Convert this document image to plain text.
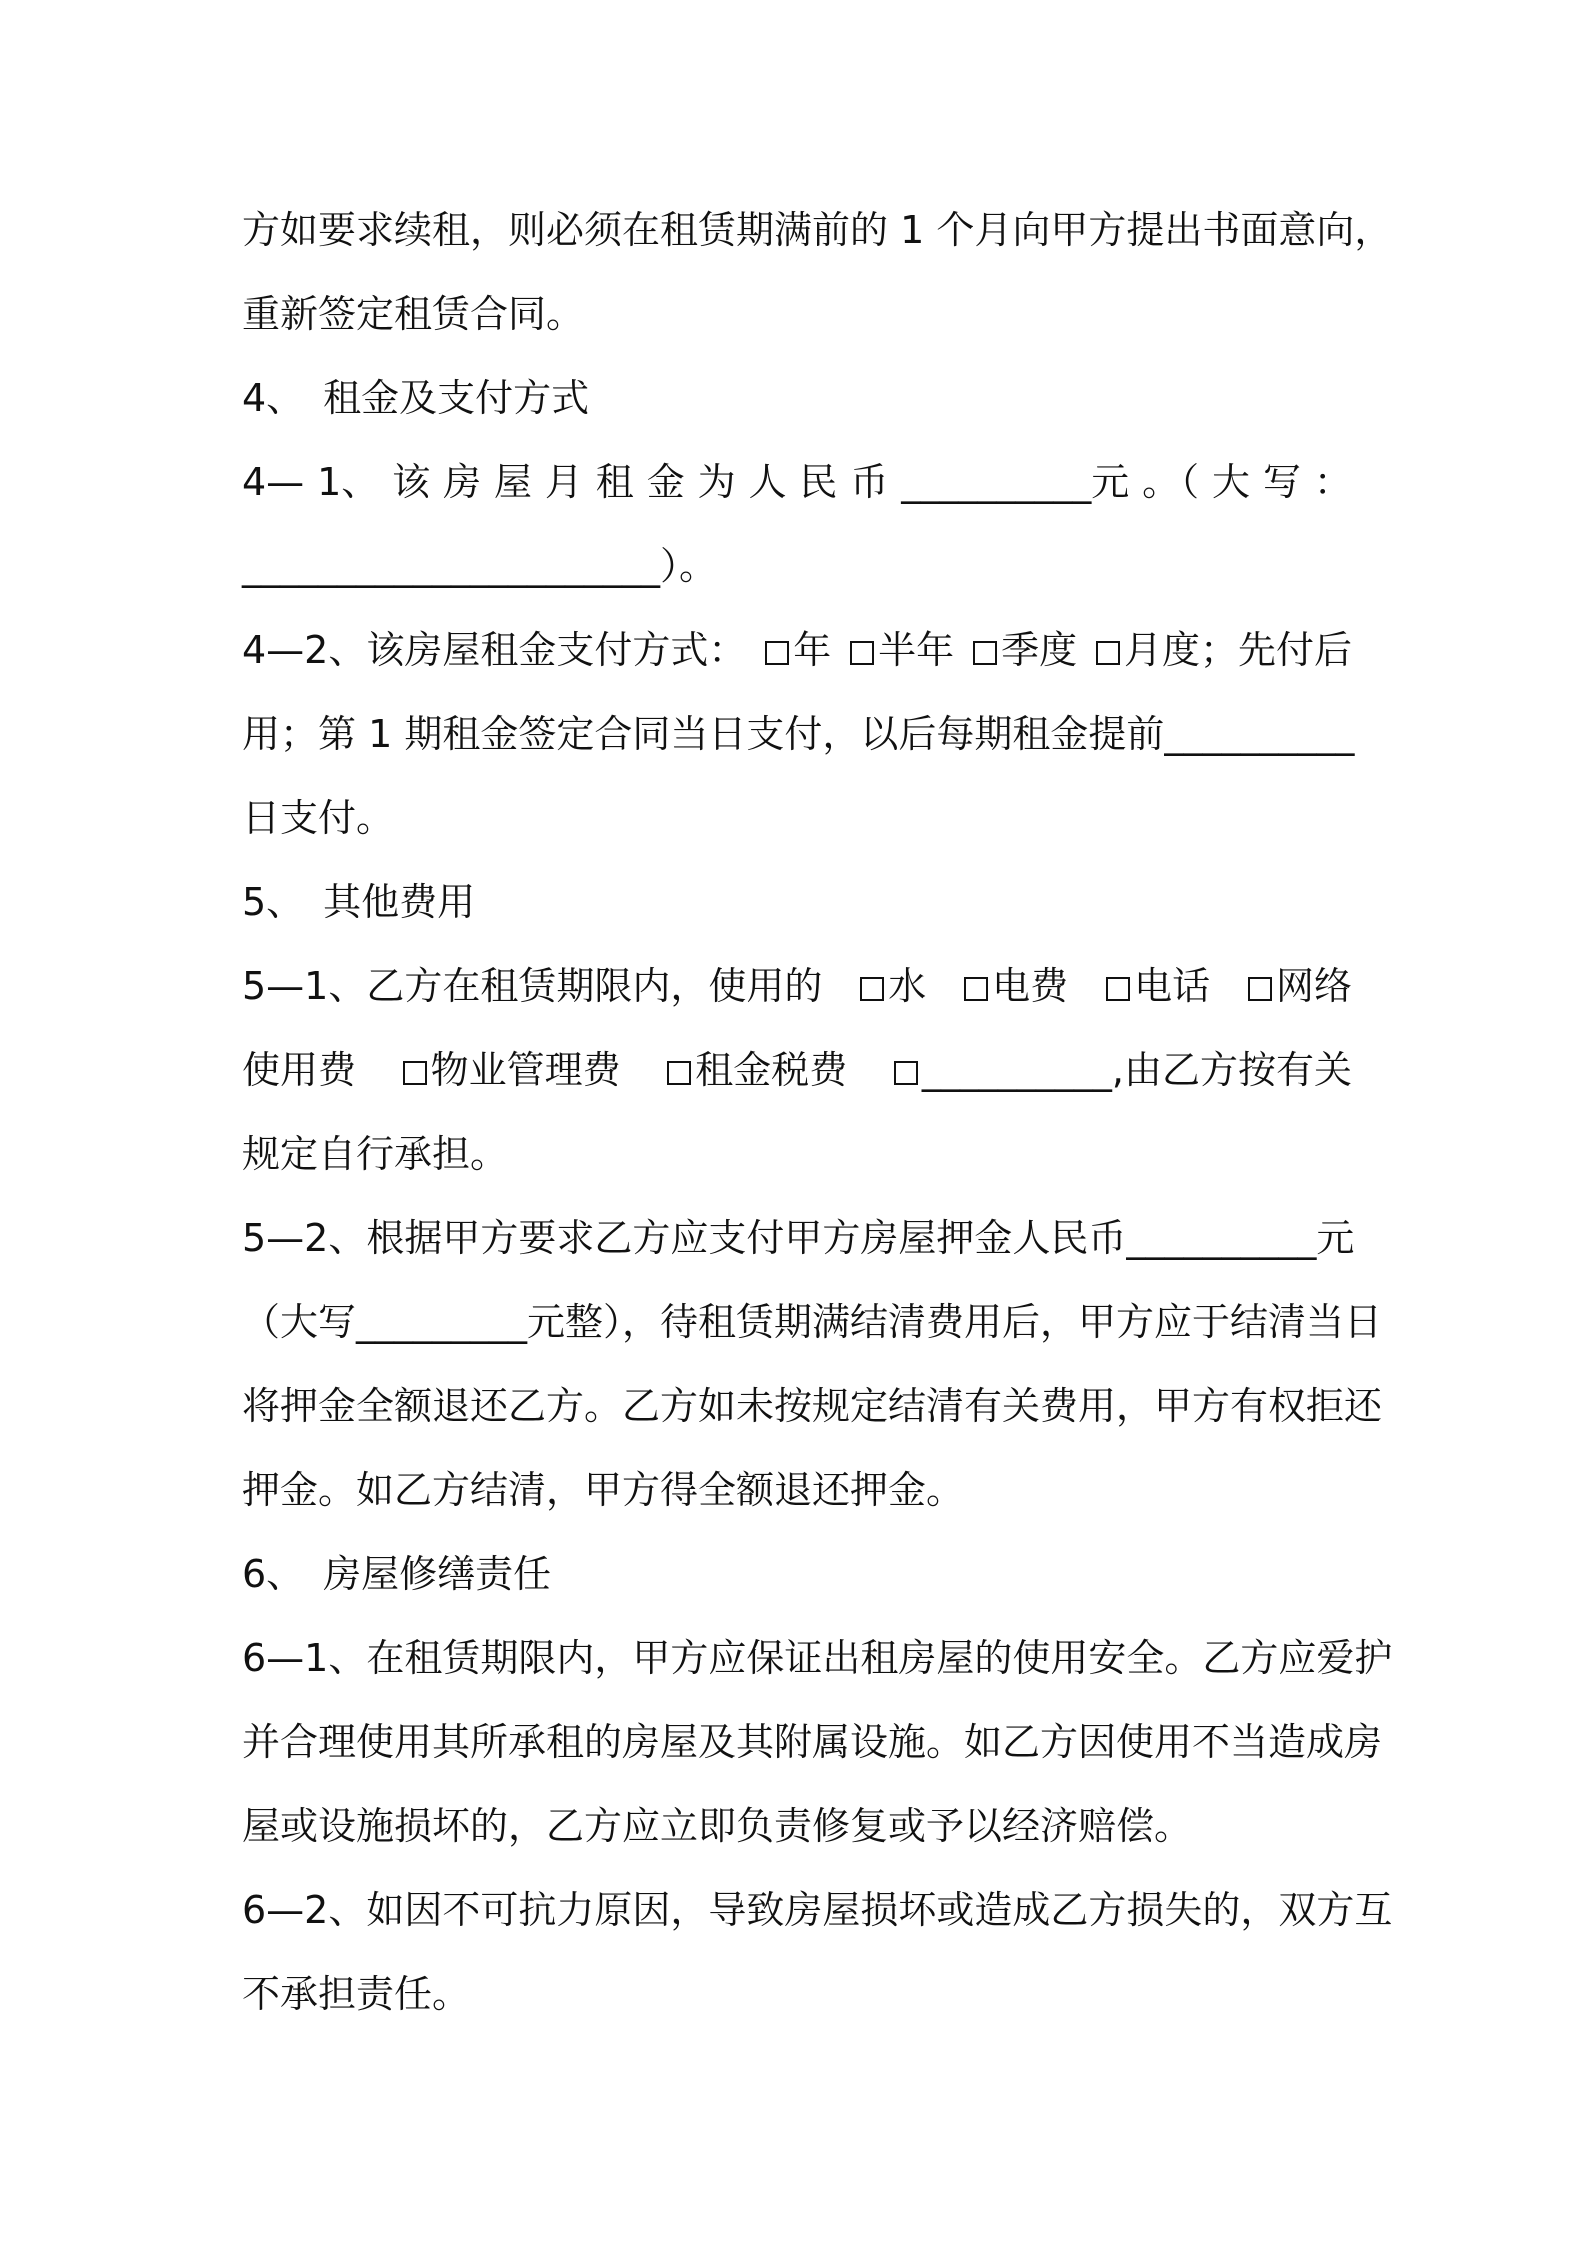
方如要求续租，则必须在租赁期满前的 1 个月向甲方提出书面意向，
重新签定租赁合同。
4、　租金及支付方式
4— 1、 该 房 屋 月 租 金 为 人 民 币 __________元 。（ 大 写 ：
______________________）。
4—2、该房屋租金支付方式：	年	半年	季度	月度；先付后
用；第 1 期租金签定合同当日支付，以后每期租金提前__________
日支付。
5、　其他费用
5—1、乙方在租赁期限内，使用的	水	电费	电话	网络
使用费	物业管理费	租金税费	__________,由乙方按有关
规定自行承担。
5—2、根据甲方要求乙方应支付甲方房屋押金人民币__________元
（大写_________元整），待租赁期满结清费用后，甲方应于结清当日
将押金全额退还乙方。乙方如未按规定结清有关费用，甲方有权拒还
押金。如乙方结清，甲方得全额退还押金。
6、　房屋修缮责任
6—1、在租赁期限内，甲方应保证出租房屋的使用安全。乙方应爱护
并合理使用其所承租的房屋及其附属设施。如乙方因使用不当造成房
屋或设施损坏的，乙方应立即负责修复或予以经济赔偿。
6—2、如因不可抗力原因，导致房屋损坏或造成乙方损失的，双方互
不承担责任。
